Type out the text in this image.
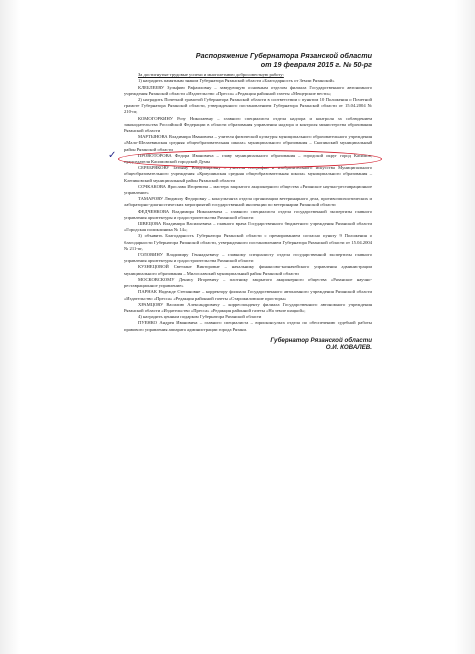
Распоряжение Губернатора Рязанской области
от 19 февраля 2015 г. № 50-рг
За достигнутые трудовые успехи и многолетнюю добросовестную работу:
1) наградить памятным знаком Губернатора Рязанской области «Благодарность от Земли Рязанской»
КЛЕБЛЕЕВУ Зульфию Рафаиловну – заведующую основным отделом филиала Государственного автономного учреждения Рязанской области «Издательство «Пресса» «Редакция районной газеты «Мещерские вести»;
2) наградить Почетной грамотой Губернатора Рязанской области в соответствии с пунктом 10 Положения о Почетной грамоте Губернатора Рязанской области, утвержденного постановлением Губернатора Рязанской области от 15.04.2004 № 210-пг,
КОМОГОРКИНУ Розу Николаевну – главного специалиста отдела надзора и контроля за соблюдением законодательства Российской Федерации в области образования управления надзора и контроля министерства образования Рязанской области
МАРТЫНОВА Владимира Ивановича – учителя физической культуры муниципального образовательного учреждения «Мало-Шелаевинская средняя общеобразовательная школа» муниципального образования – Скопинский муниципальный район Рязанской области
✓	ПРОВОТОРОВА Федора Ивановича – главу муниципального образования – городской округ город Касимов, председателя Касимовской городской Думы
СЕРЕБРЯКОВУ Татьяну Владимировну – учителя географии и изобразительного искусства Муниципального общеобразовательного учреждения «Криушинская средняя общеобразовательная школа» муниципального образования – Клепиковский муниципальный район Рязанской области
СОЧКАКОВА Ярослава Игоревича – мастера закрытого акционерного общества «Рязанское научно-реставрационное управление»
ТАМАРОВУ Людмилу Федоровну – консультанта отдела организации ветеринарного дела, противоэпизоотических и лабораторно-диагностических мероприятий государственной инспекции по ветеринарии Рязанской области
ФЕДЧЕНКОВА Владимира Николаевича – главного специалиста отдела государственной экспертизы главного управления архитектуры и градостроительства Рязанской области
ШВЕЦОВА Владимира Васильевича – главного врача Государственного бюджетного учреждения Рязанской области «Городская поликлиника № 14»;
3) объявить Благодарность Губернатора Рязанской области с премированием согласно пункту 9 Положения о благодарности Губернатора Рязанской области, утвержденного постановлением Губернатора Рязанской области от 15.04.2004 № 211-пг,
ГОЛОВИНУ Владимиру Геннадьевичу – главному специалисту отдела государственной экспертизы главного управления архитектуры и градостроительства Рязанской области
КУЗНЕЦОВОЙ Светлане Викторовне – начальнику финансово-казначейского управления администрации муниципального образования – Милославский муниципальный район Рязанской области
МОСКОВСКОМУ Денису Игоревичу – плотнику закрытого акционерного общества «Рязанское научно-реставрационное управление»
ПАРНАК Надежде Степановне – корректору филиала Государственного автономного учреждения Рязанской области «Издательство «Пресса» «Редакция районной газеты «Старожиловские просторы»
ХРАМЦОВУ Василию Александровичу – корреспонденту филиала Государственного автономного учреждения Рязанской области «Издательство «Пресса» «Редакция районной газеты «На земле шацкой»;
4) наградить ценным подарком Губернатора Рязанской области
ПУЕНКО Андрея Ивановича – главного специалиста – юрисконсульта отдела по обеспечению судебной работы правового управления аппарата администрации города Рязани.
Губернатор Рязанской области
О.И. КОВАЛЕВ.
